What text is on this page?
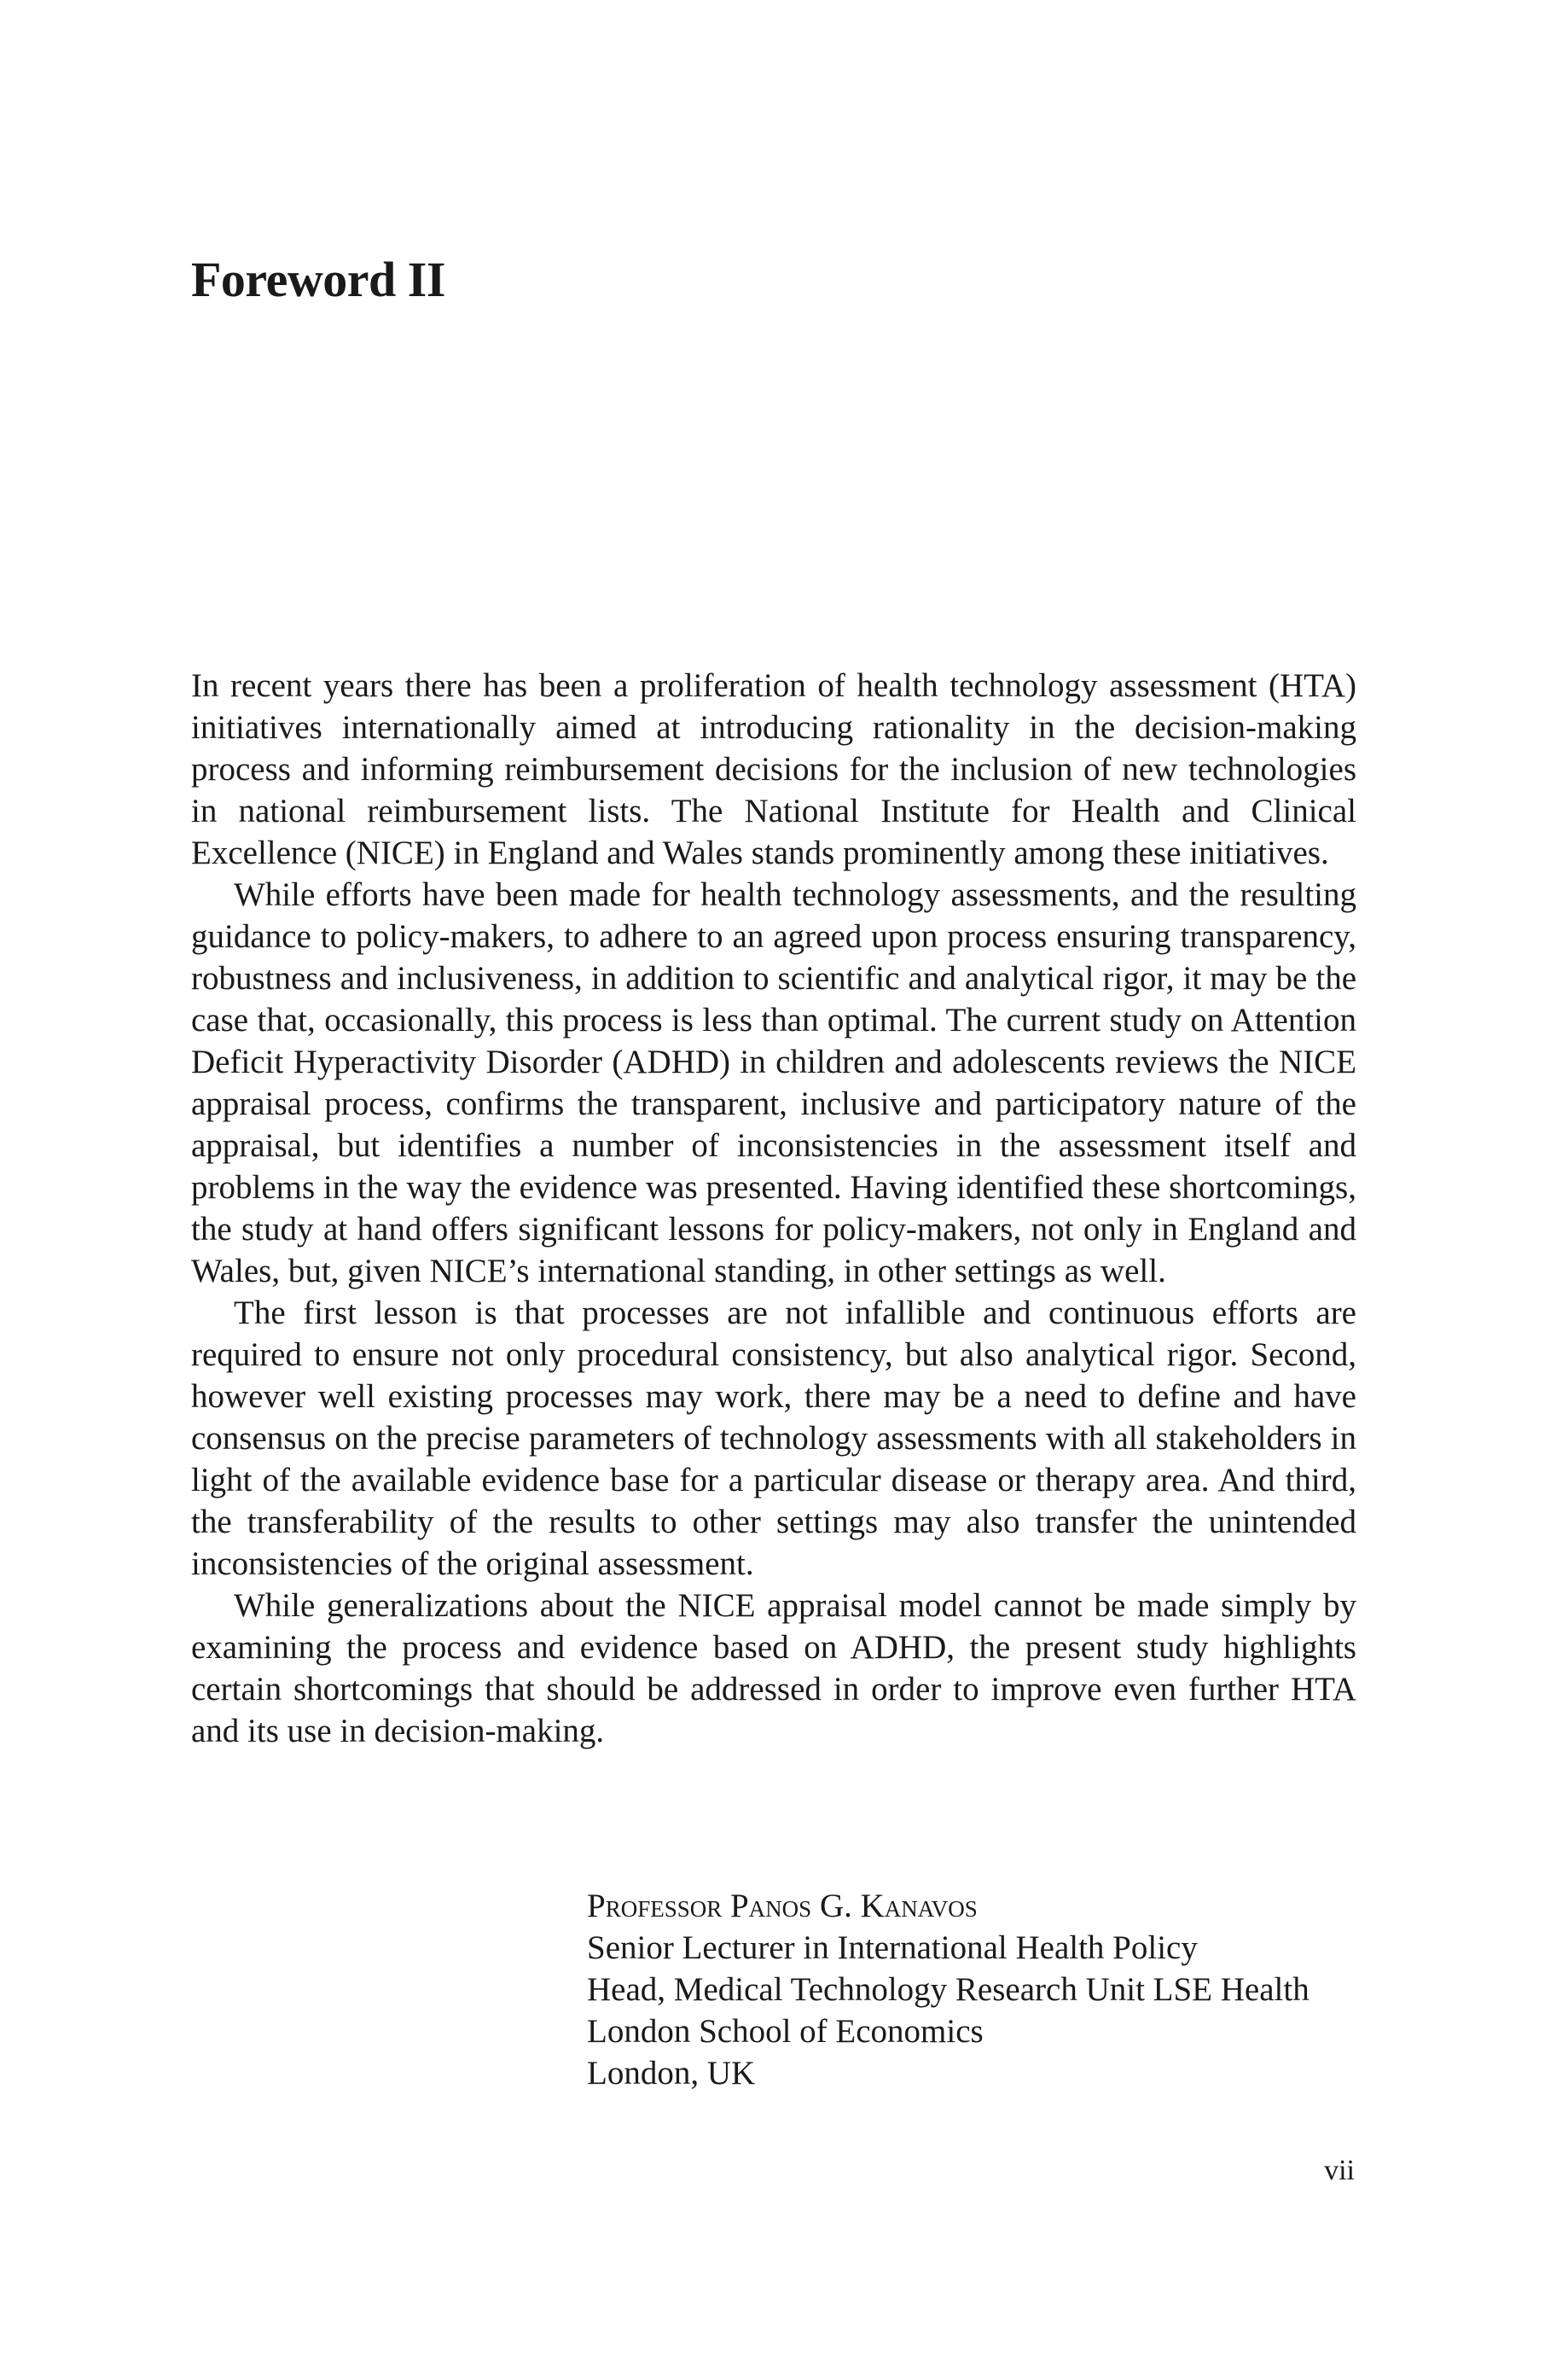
Foreword II

In recent years there has been a proliferation of health technology assessment (HTA) initiatives internationally aimed at introducing rationality in the decision-making process and informing reimbursement decisions for the inclusion of new technologies in national reimbursement lists. The National Institute for Health and Clinical Excellence (NICE) in England and Wales stands prominently among these initiatives.

While efforts have been made for health technology assessments, and the resulting guidance to policy-makers, to adhere to an agreed upon process ensuring transparency, robustness and inclusiveness, in addition to scientific and analytical rigor, it may be the case that, occasionally, this process is less than optimal. The current study on Attention Deficit Hyperactivity Disorder (ADHD) in children and adolescents reviews the NICE appraisal process, confirms the transparent, inclusive and participatory nature of the appraisal, but identifies a number of inconsistencies in the assessment itself and problems in the way the evidence was presented. Having identified these shortcomings, the study at hand offers significant lessons for policy-makers, not only in England and Wales, but, given NICE’s international standing, in other settings as well.

The first lesson is that processes are not infallible and continuous efforts are required to ensure not only procedural consistency, but also analytical rigor. Second, however well existing processes may work, there may be a need to define and have consensus on the precise parameters of technology assessments with all stakeholders in light of the available evidence base for a particular disease or therapy area. And third, the transferability of the results to other settings may also transfer the unintended inconsistencies of the original assessment.

While generalizations about the NICE appraisal model cannot be made simply by examining the process and evidence based on ADHD, the present study highlights certain shortcomings that should be addressed in order to improve even further HTA and its use in decision-making.

Professor Panos G. Kanavos
Senior Lecturer in International Health Policy
Head, Medical Technology Research Unit LSE Health
London School of Economics
London, UK
vii
